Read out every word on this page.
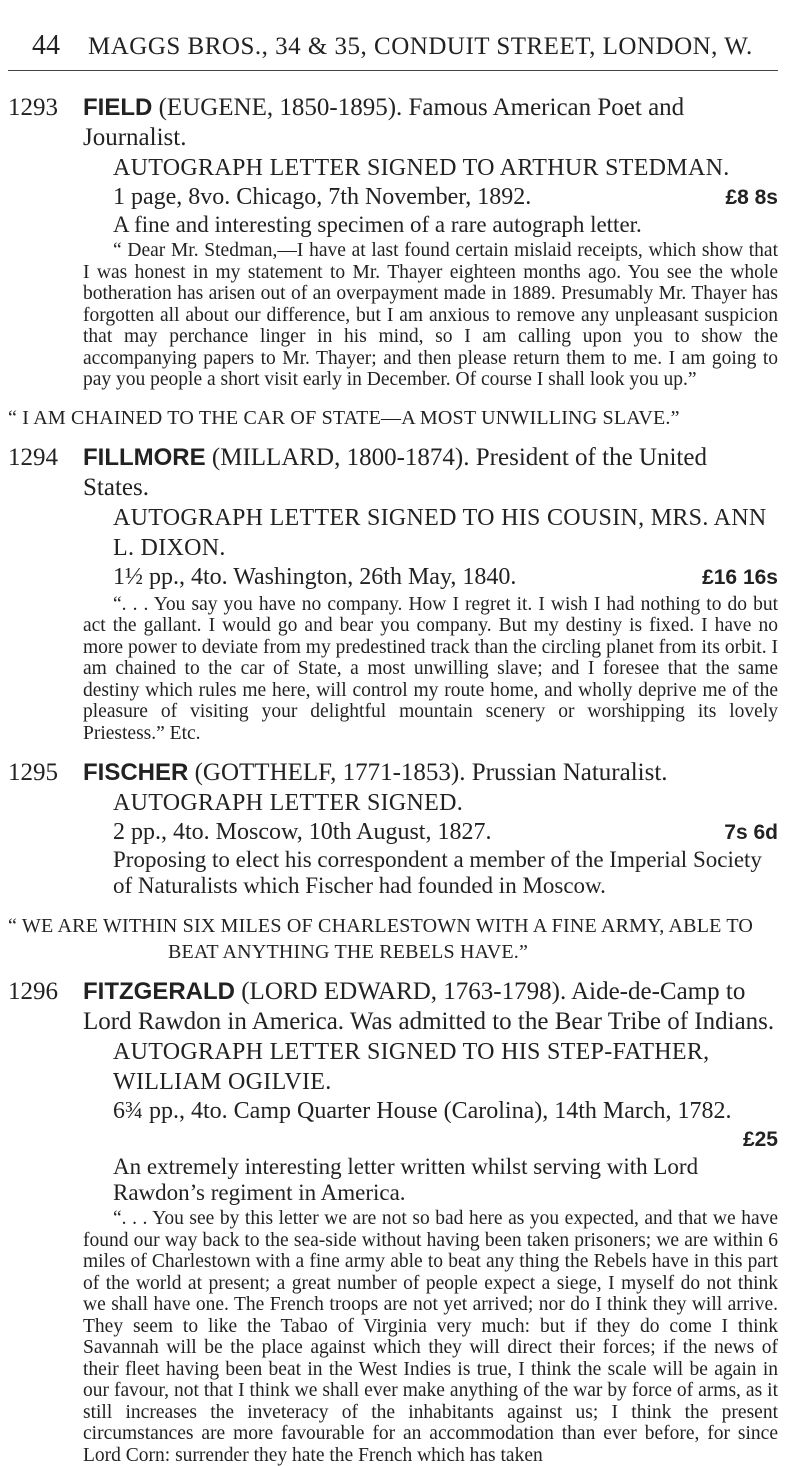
44 MAGGS BROS., 34 & 35, CONDUIT STREET, LONDON, W.
1293	FIELD (EUGENE, 1850-1895). Famous American Poet and Journalist.

AUTOGRAPH LETTER SIGNED TO ARTHUR STEDMAN.

1 page, 8vo. Chicago, 7th November, 1892.	£8 8s

A fine and interesting specimen of a rare autograph letter.

“ Dear Mr. Stedman,—I have at last found certain mislaid receipts, which show that I was honest in my statement to Mr. Thayer eighteen months ago. You see the whole botheration has arisen out of an overpayment made in 1889. Presumably Mr. Thayer has forgotten all about our difference, but I am anxious to remove any unpleasant suspicion that may perchance linger in his mind, so I am calling upon you to show the accompanying papers to Mr. Thayer; and then please return them to me. I am going to pay you people a short visit early in December. Of course I shall look you up.”

“ I AM CHAINED TO THE CAR OF STATE—A MOST UNWILLING SLAVE.”
1294	FILLMORE (MILLARD, 1800-1874). President of the United States.

AUTOGRAPH LETTER SIGNED TO HIS COUSIN, MRS. ANN L. DIXON.

1½ pp., 4to. Washington, 26th May, 1840.	£16 16s

“. . . You say you have no company. How I regret it. I wish I had nothing to do but act the gallant. I would go and bear you company. But my destiny is fixed. I have no more power to deviate from my predestined track than the circling planet from its orbit. I am chained to the car of State, a most unwilling slave; and I foresee that the same destiny which rules me here, will control my route home, and wholly deprive me of the pleasure of visiting your delightful mountain scenery or worshipping its lovely Priestess.” Etc.

1295	FISCHER (GOTTHELF, 1771-1853). Prussian Naturalist.

AUTOGRAPH LETTER SIGNED.

2 pp., 4to. Moscow, 10th August, 1827.	7s 6d

Proposing to elect his correspondent a member of the Imperial Society of Naturalists which Fischer had founded in Moscow.

“ WE ARE WITHIN SIX MILES OF CHARLESTOWN WITH A FINE ARMY, ABLE TO
BEAT ANYTHING THE REBELS HAVE.”
1296	FITZGERALD (LORD EDWARD, 1763-1798). Aide-de-Camp to Lord Rawdon in America. Was admitted to the Bear Tribe of Indians.

AUTOGRAPH LETTER SIGNED TO HIS STEP-FATHER, WILLIAM OGILVIE.

6¾ pp., 4to. Camp Quarter House (Carolina), 14th March, 1782.

£25

An extremely interesting letter written whilst serving with Lord Rawdon’s regiment in America.

“. . . You see by this letter we are not so bad here as you expected, and that we have found our way back to the sea-side without having been taken prisoners; we are within 6 miles of Charlestown with a fine army able to beat any thing the Rebels have in this part of the world at present; a great number of people expect a siege, I myself do not think we shall have one. The French troops are not yet arrived; nor do I think they will arrive. They seem to like the Tabao of Virginia very much: but if they do come I think Savannah will be the place against which they will direct their forces; if the news of their fleet having been beat in the West Indies is true, I think the scale will be again in our favour, not that I think we shall ever make anything of the war by force of arms, as it still increases the inveteracy of the inhabitants against us; I think the present circumstances are more favourable for an accommodation than ever before, for since Lord Corn: surrender they hate the French which has taken
